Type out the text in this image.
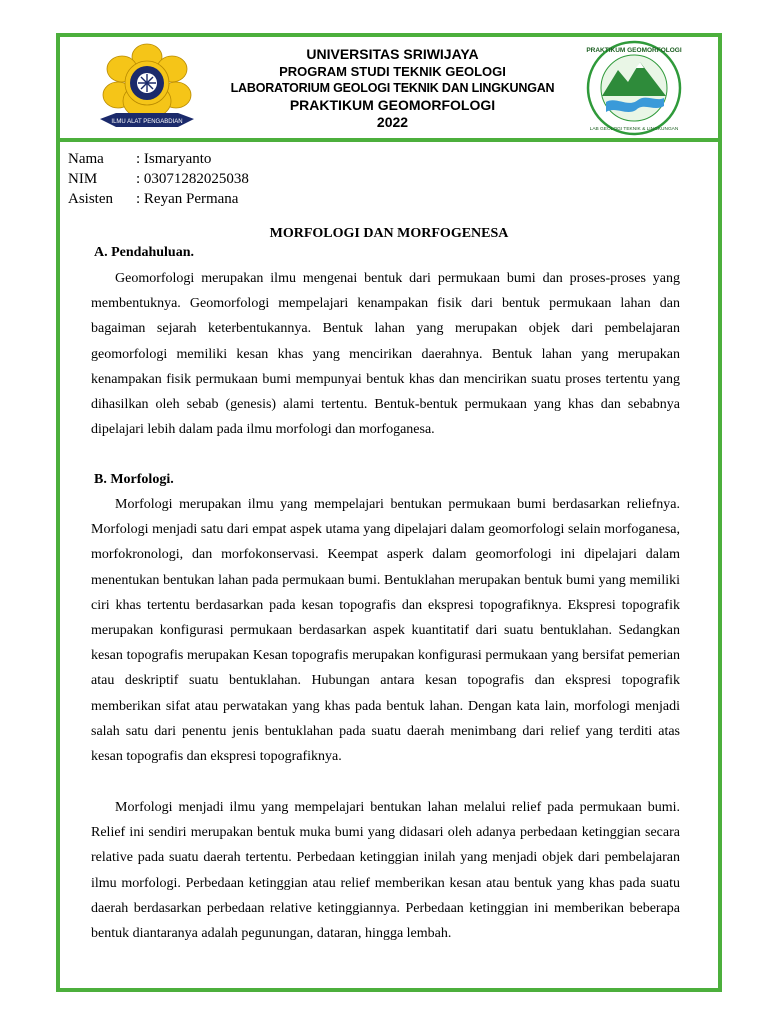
ILMU ALAT PENGABDIAN
UNIVERSITAS SRIWIJAYA
PROGRAM STUDI TEKNIK GEOLOGI
LABORATORIUM GEOLOGI TEKNIK DAN LINGKUNGAN
PRAKTIKUM GEOMORFOLOGI
2022
PRAKTIKUM GEOMORFOLOGI
LAB GEOLOGI TEKNIK & LINGKUNGAN
Nama	: Ismaryanto
NIM	: 03071282025038
Asisten	: Reyan Permana
MORFOLOGI DAN MORFOGENESA
A. Pendahuluan.

Geomorfologi merupakan ilmu mengenai bentuk dari permukaan bumi dan proses-proses yang membentuknya. Geomorfologi mempelajari kenampakan fisik dari bentuk permukaan lahan dan bagaiman sejarah keterbentukannya. Bentuk lahan yang merupakan objek dari pembelajaran geomorfologi memiliki kesan khas yang mencirikan daerahnya. Bentuk lahan yang merupakan kenampakan fisik permukaan bumi mempunyai bentuk khas dan mencirikan suatu proses tertentu yang dihasilkan oleh sebab (genesis) alami tertentu. Bentuk-bentuk permukaan yang khas dan sebabnya dipelajari lebih dalam pada ilmu morfologi dan morfoganesa.

B. Morfologi.

Morfologi merupakan ilmu yang mempelajari bentukan permukaan bumi berdasarkan reliefnya. Morfologi menjadi satu dari empat aspek utama yang dipelajari dalam geomorfologi selain morfoganesa, morfokronologi, dan morfokonservasi. Keempat asperk dalam geomorfologi ini dipelajari dalam menentukan bentukan lahan pada permukaan bumi. Bentuklahan merupakan bentuk bumi yang memiliki ciri khas tertentu berdasarkan pada kesan topografis dan ekspresi topografiknya. Ekspresi topografik merupakan konfigurasi permukaan berdasarkan aspek kuantitatif dari suatu bentuklahan. Sedangkan kesan topografis merupakan Kesan topografis merupakan konfigurasi permukaan yang bersifat pemerian atau deskriptif suatu bentuklahan. Hubungan antara kesan topografis dan ekspresi topografik memberikan sifat atau perwatakan yang khas pada bentuk lahan. Dengan kata lain, morfologi menjadi salah satu dari penentu jenis bentuklahan pada suatu daerah menimbang dari relief yang terditi atas kesan topografis dan ekspresi topografiknya.

Morfologi menjadi ilmu yang mempelajari bentukan lahan melalui relief pada permukaan bumi. Relief ini sendiri merupakan bentuk muka bumi yang didasari oleh adanya perbedaan ketinggian secara relative pada suatu daerah tertentu. Perbedaan ketinggian inilah yang menjadi objek dari pembelajaran ilmu morfologi. Perbedaan ketinggian atau relief memberikan kesan atau bentuk yang khas pada suatu daerah berdasarkan perbedaan relative ketinggiannya. Perbedaan ketinggian ini memberikan beberapa bentuk diantaranya adalah pegunungan, dataran, hingga lembah.
